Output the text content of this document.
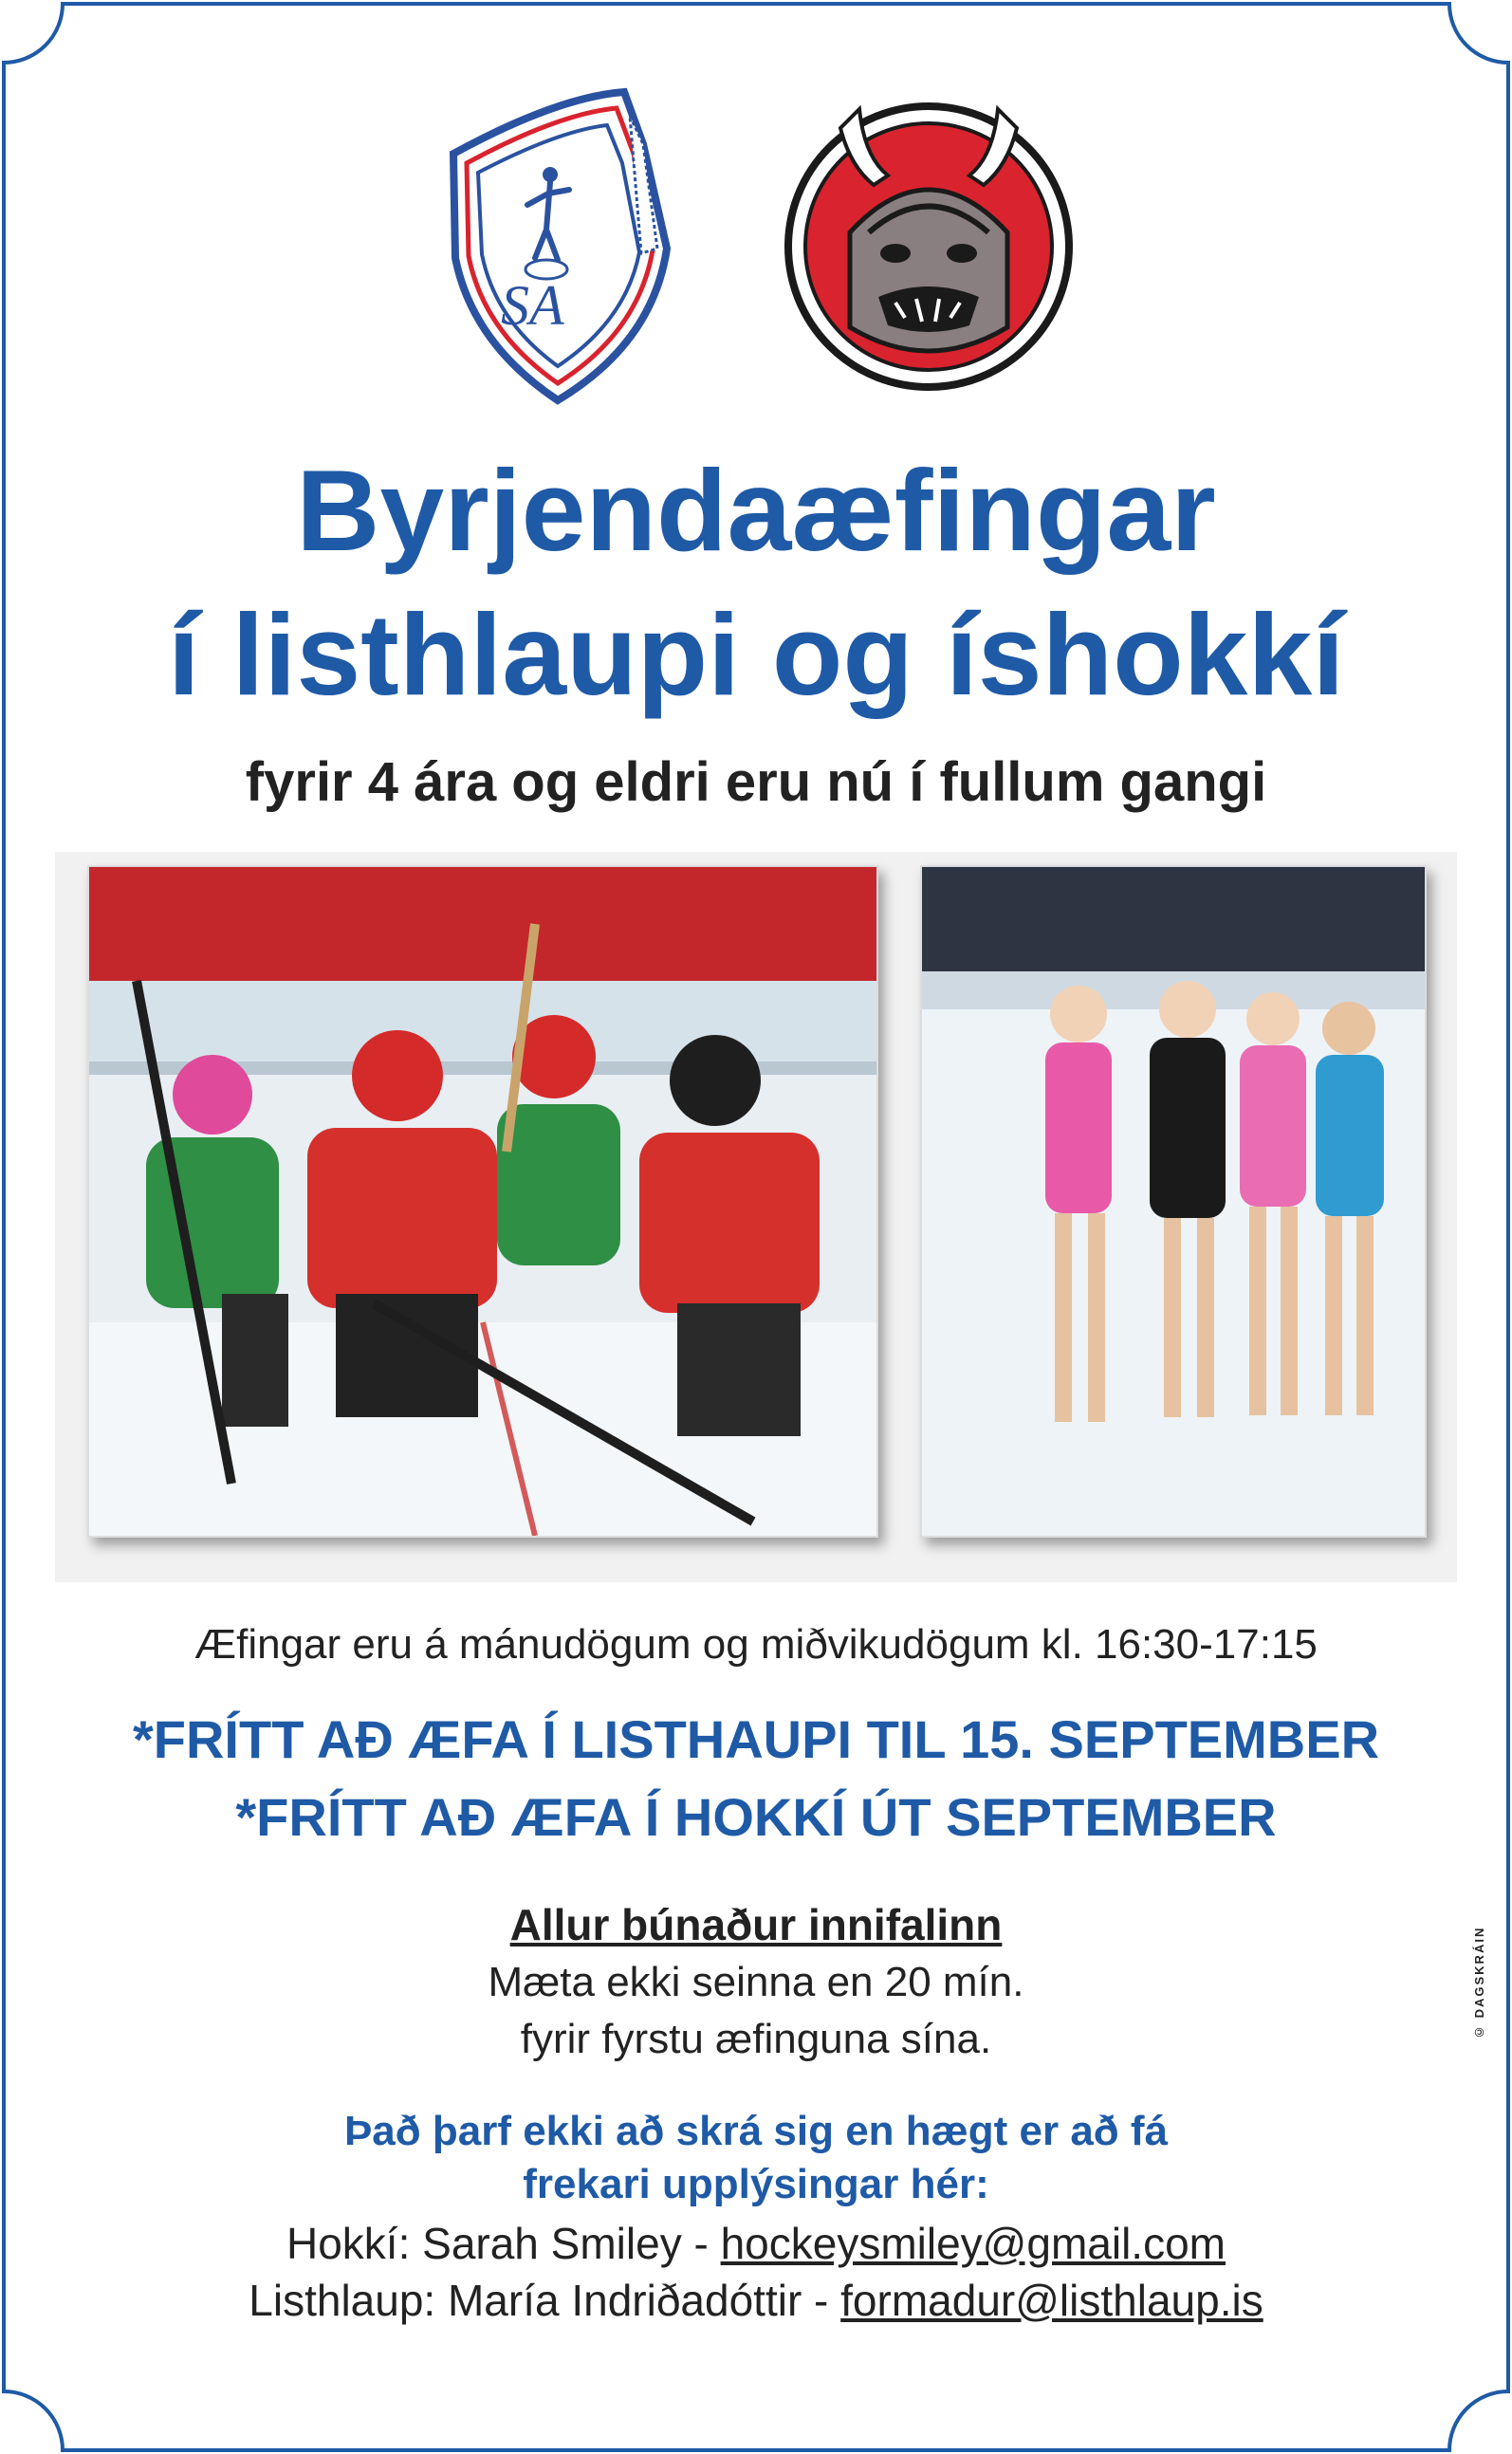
SA
Byrjendaæfingar
í listhlaupi og íshokkí
fyrir 4 ára og eldri eru nú í fullum gangi
Æfingar eru á mánudögum og miðvikudögum kl. 16:30-17:15
*FRÍTT AÐ ÆFA Í LISTHAUPI TIL 15. SEPTEMBER
*FRÍTT AÐ ÆFA Í HOKKÍ ÚT SEPTEMBER
Allur búnaður innifalinn
Mæta ekki seinna en 20 mín.
fyrir fyrstu æfinguna sína.
Það þarf ekki að skrá sig en hægt er að fá
frekari upplýsingar hér:
Hokkí: Sarah Smiley - hockeysmiley@gmail.com
Listhlaup: María Indriðadóttir - formadur@listhlaup.is
© DAGSKRÁIN
